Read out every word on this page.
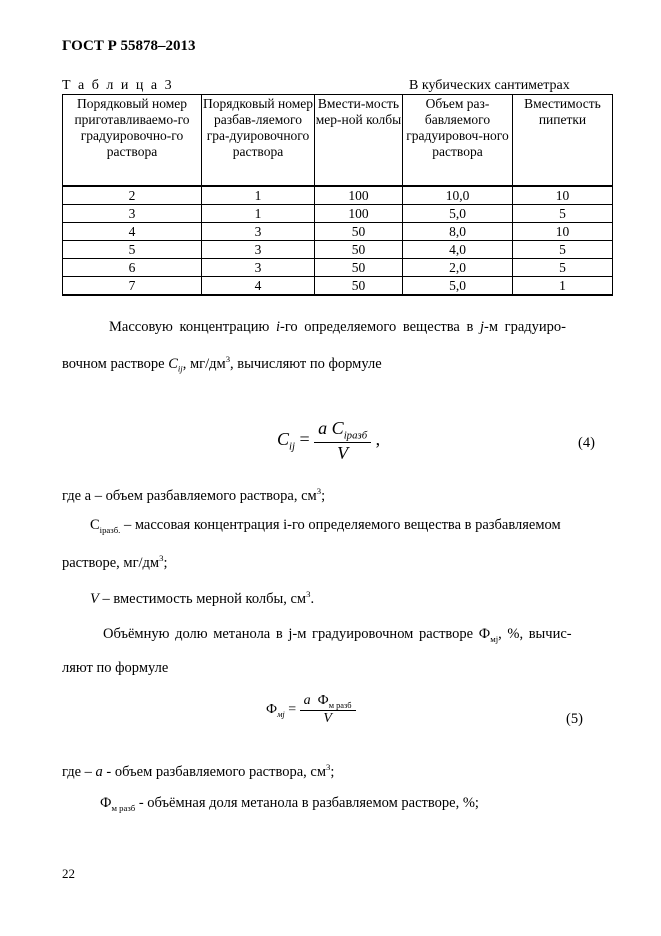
ГОСТ Р 55878–2013
Т а б л и ц а 3	В кубических сантиметрах
Порядковый номер приготавливаемо-го градуировочно-го раствора	Порядковый номер разбав-ляемого гра-дуировочного раствора	Вмести-мость мер-ной колбы	Объем раз-бавляемого градуировоч-ного раствора	Вместимость пипетки
2	1	100	10,0	10
3	1	100	5,0	5
4	3	50	8,0	10
5	3	50	4,0	5
6	3	50	2,0	5
7	4	50	5,0	1
Массовую концентрацию i-го определяемого вещества в j-м градуиро-
вочном растворе $C_{ij}$, $мг/дм^3$, вычисляют по формуле
$C_{ij} = \frac{a C_{iразб}}{V}$ ,	(4)
где а – объем разбавляемого раствора, $см^3$;
$С_{iразб.}$ – массовая концентрация i-го определяемого вещества в разбавляемом
растворе, $мг/дм^3$;
V – вместимость мерной колбы, $см^3$.
Объёмную долю метанола в j-м градуировочном растворе $Ф_{мj}$, %, вычис-
ляют по формуле
$Ф_{мj} = \frac{a Ф_{м разб}}{V}$	(5)
где – a - объем разбавляемого раствора, $см^3$;
$Ф_{м разб}$ - объёмная доля метанола в разбавляемом растворе, %;
22
